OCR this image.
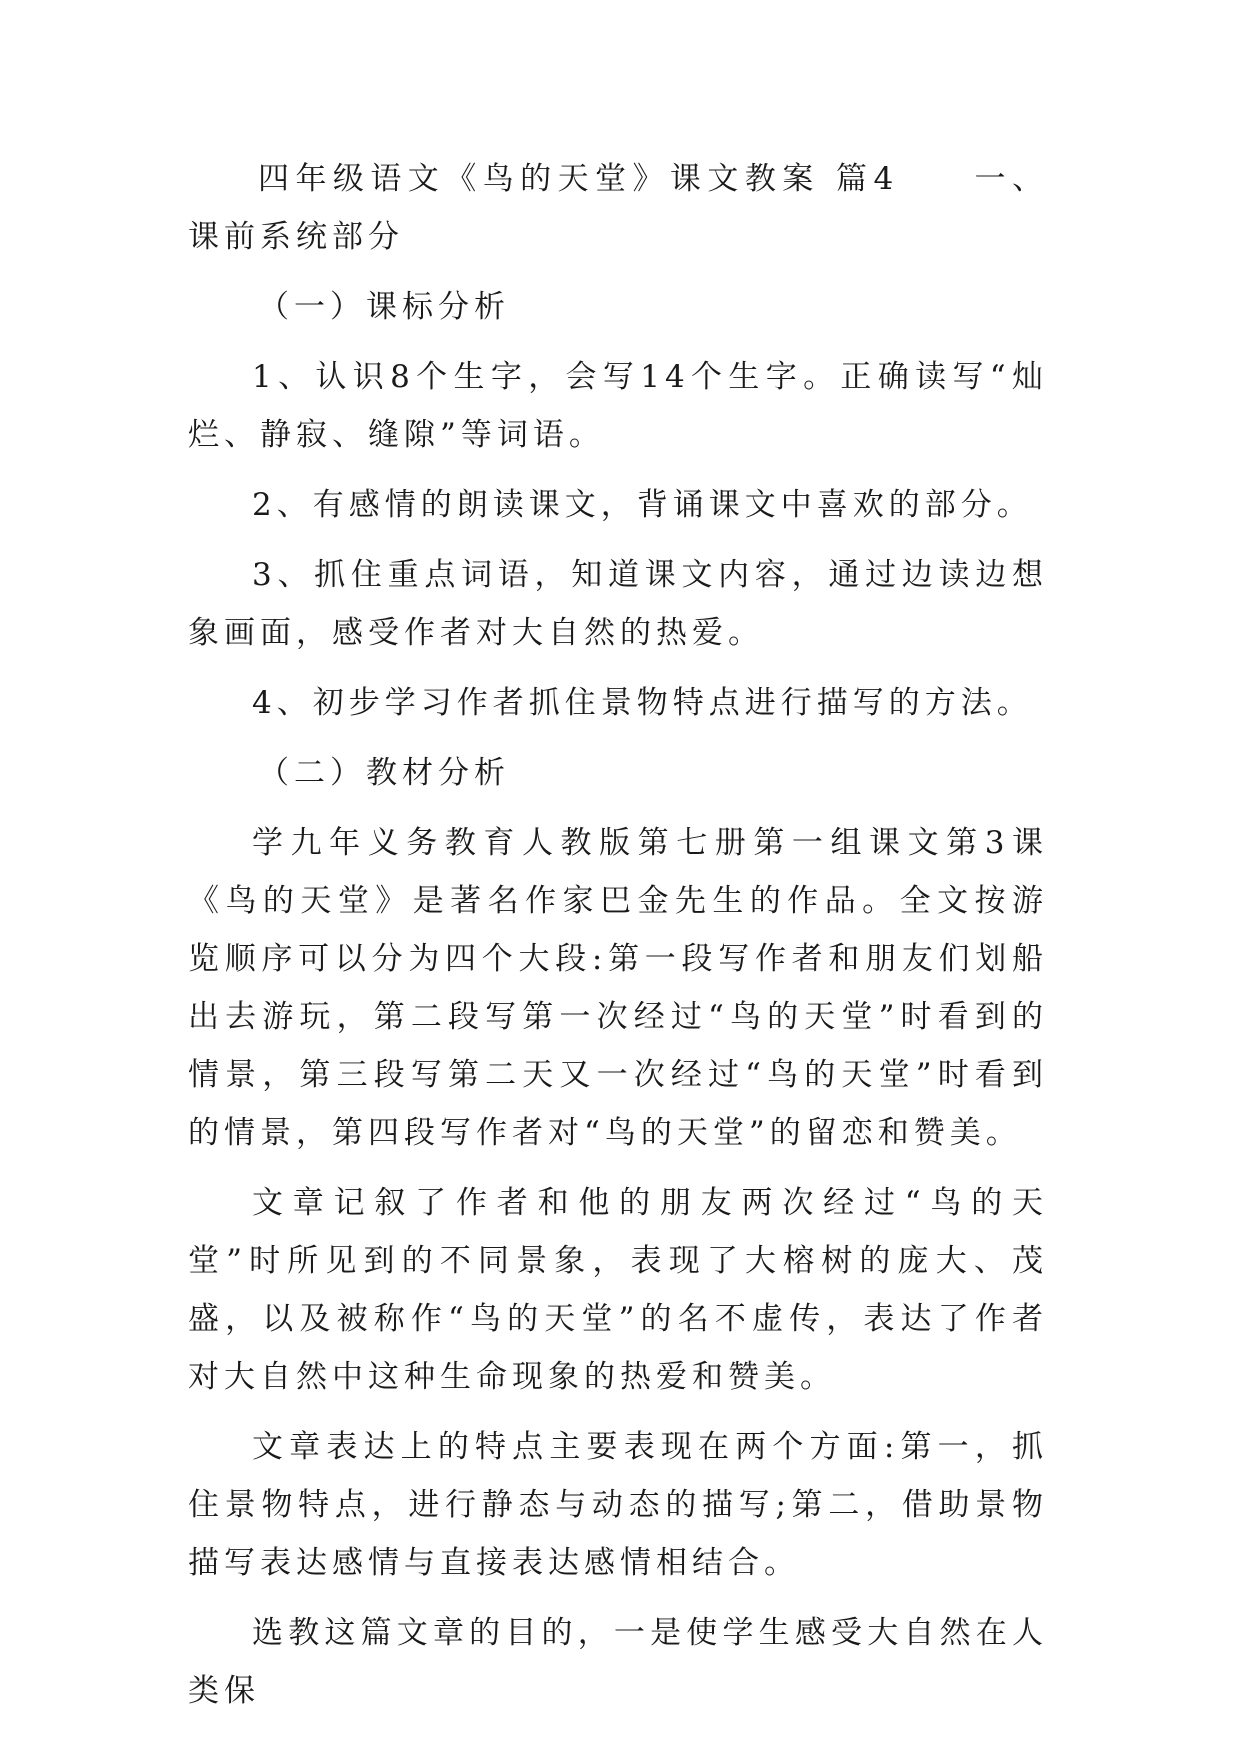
四年级语文《鸟的天堂》课文教案 篇4　　一、课前系统部分

（一）课标分析

1、认识8个生字，会写14个生字。正确读写“灿烂、静寂、缝隙”等词语。

2、有感情的朗读课文，背诵课文中喜欢的部分。

3、抓住重点词语，知道课文内容，通过边读边想象画面，感受作者对大自然的热爱。

4、初步学习作者抓住景物特点进行描写的方法。

（二）教材分析

学九年义务教育人教版第七册第一组课文第3课《鸟的天堂》是著名作家巴金先生的作品。全文按游览顺序可以分为四个大段:第一段写作者和朋友们划船出去游玩，第二段写第一次经过“鸟的天堂”时看到的情景，第三段写第二天又一次经过“鸟的天堂”时看到的情景，第四段写作者对“鸟的天堂”的留恋和赞美。

文章记叙了作者和他的朋友两次经过“鸟的天堂”时所见到的不同景象，表现了大榕树的庞大、茂盛，以及被称作“鸟的天堂”的名不虚传，表达了作者对大自然中这种生命现象的热爱和赞美。

文章表达上的特点主要表现在两个方面:第一，抓住景物特点，进行静态与动态的描写;第二，借助景物描写表达感情与直接表达感情相结合。

选教这篇文章的目的，一是使学生感受大自然在人类保
